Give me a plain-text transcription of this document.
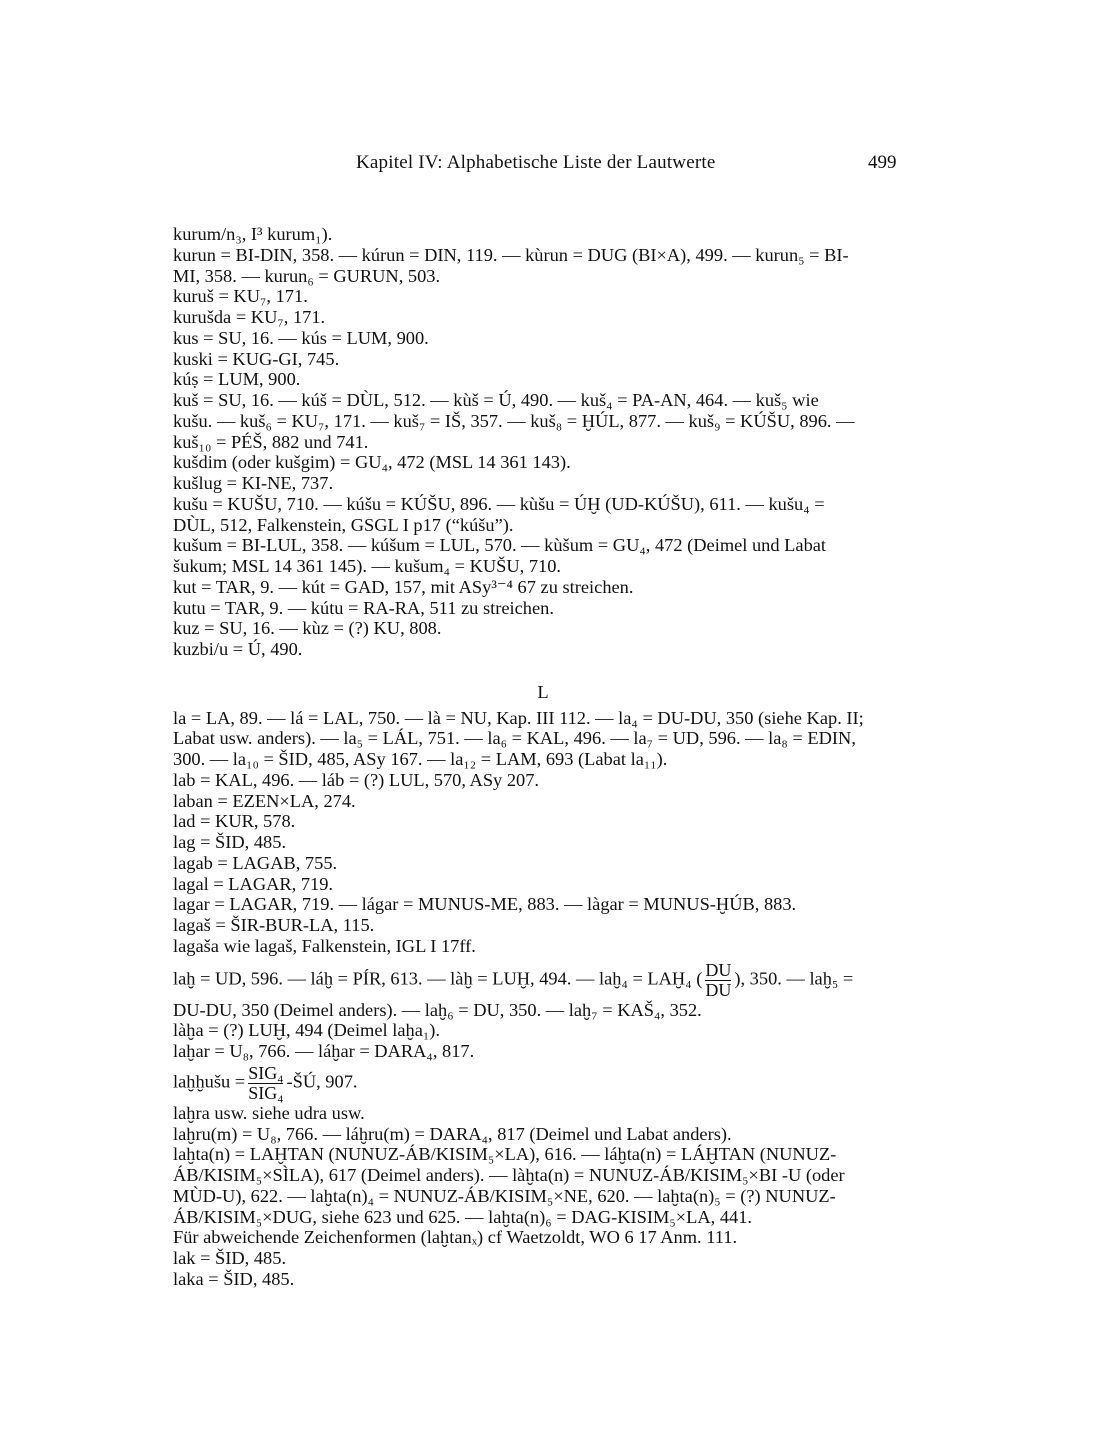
Kapitel IV: Alphabetische Liste der Lautwerte	499
kurum/n₃, I³ kurum₁).
kurun = BI-DIN, 358. — kúrun = DIN, 119. — kùrun = DUG (BI×A), 499. — kurun₅ = BI-
MI, 358. — kurun₆ = GURUN, 503.
kuruš = KU₇, 171.
kurušda = KU₇, 171.
kus = SU, 16. — kús = LUM, 900.
kuski = KUG-GI, 745.
kúṣ = LUM, 900.
kuš = SU, 16. — kúš = DÙL, 512. — kùš = Ú, 490. — kuš₄ = PA-AN, 464. — kuš₅ wie
kušu. — kuš₆ = KU₇, 171. — kuš₇ = IŠ, 357. — kuš₈ = ḪÚL, 877. — kuš₉ = KÚŠU, 896. —
kuš₁₀ = PÉŠ, 882 und 741.
kušdim (oder kušgim) = GU₄, 472 (MSL 14 361 143).
kušlug = KI-NE, 737.
kušu = KUŠU, 710. — kúšu = KÚŠU, 896. — kùšu = ÚḪ (UD-KÚŠU), 611. — kušu₄ =
DÙL, 512, Falkenstein, GSGL I p17 (“kúšu”).
kušum = BI-LUL, 358. — kúšum = LUL, 570. — kùšum = GU₄, 472 (Deimel und Labat
šukum; MSL 14 361 145). — kušum₄ = KUŠU, 710.
kut = TAR, 9. — kút = GAD, 157, mit ASy³⁻⁴ 67 zu streichen.
kutu = TAR, 9. — kútu = RA-RA, 511 zu streichen.
kuz = SU, 16. — kùz = (?) KU, 808.
kuzbi/u = Ú, 490.
L
la = LA, 89. — lá = LAL, 750. — là = NU, Kap. III 112. — la₄ = DU-DU, 350 (siehe Kap. II;
Labat usw. anders). — la₅ = LÁL, 751. — la₆ = KAL, 496. — la₇ = UD, 596. — la₈ = EDIN,
300. — la₁₀ = ŠID, 485, ASy 167. — la₁₂ = LAM, 693 (Labat la₁₁).
lab = KAL, 496. — láb = (?) LUL, 570, ASy 207.
laban = EZEN×LA, 274.
lad = KUR, 578.
lag = ŠID, 485.
lagab = LAGAB, 755.
lagal = LAGAR, 719.
lagar = LAGAR, 719. — lágar = MUNUS-ME, 883. — làgar = MUNUS-ḪÚB, 883.
lagaš = ŠIR-BUR-LA, 115.
lagaša wie lagaš, Falkenstein, IGL I 17ff.
laḫ = UD, 596. — láḫ = PÍR, 613. — làḫ = LUḪ, 494. — laḫ₄ = LAḪ₄ ( $\frac{DU}{DU}$ ), 350. — laḫ₅ =
DU-DU, 350 (Deimel anders). — laḫ₆ = DU, 350. — laḫ₇ = KAŠ₄, 352.
làḫa = (?) LUḪ, 494 (Deimel laḫa₁).
laḫar = U₈, 766. — láḫar = DARA₄, 817.
laḫḫušu = $\frac{\text{SIG₄}}{\text{SIG₄}}$ -ŠÚ, 907.
laḫra usw. siehe udra usw.
laḫru(m) = U₈, 766. — láḫru(m) = DARA₄, 817 (Deimel und Labat anders).
laḫta(n) = LAḪTAN (NUNUZ-ÁB/KISIM₅×LA), 616. — láḫta(n) = LÁḪTAN (NUNUZ-
ÁB/KISIM₅×SÌLA), 617 (Deimel anders). — làḫta(n) = NUNUZ-ÁB/KISIM₅×BI -U (oder
MÙD-U), 622. — laḫta(n)₄ = NUNUZ-ÁB/KISIM₅×NE, 620. — laḫta(n)₅ = (?) NUNUZ-
ÁB/KISIM₅×DUG, siehe 623 und 625. — laḫta(n)₆ = DAG-KISIM₅×LA, 441.
Für abweichende Zeichenformen (laḫtanₓ) cf Waetzoldt, WO 6 17 Anm. 111.
lak = ŠID, 485.
laka = ŠID, 485.
